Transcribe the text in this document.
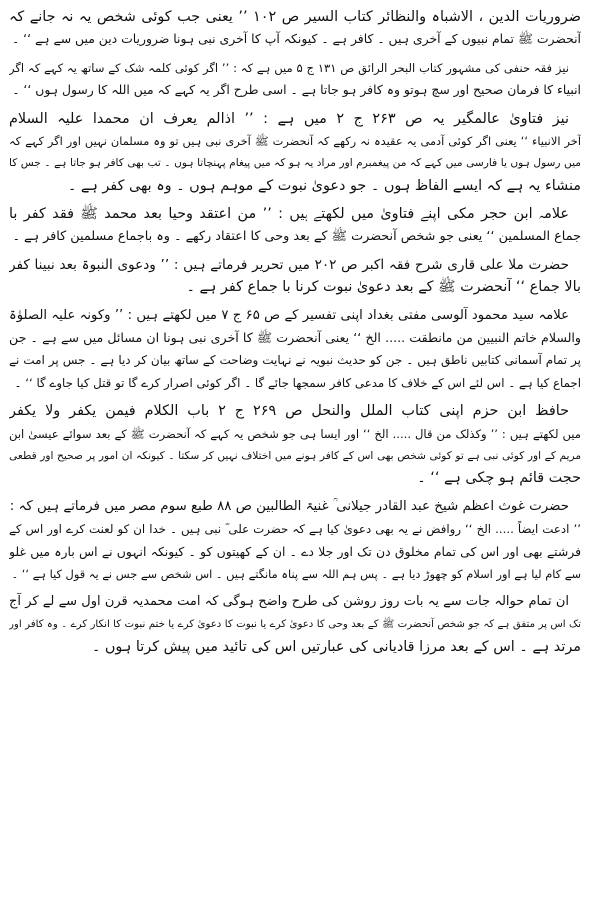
ضروریات الدین ، الاشباہ والنظائر کتاب السیر ص ۱۰۲ ’’ یعنی جب کوئی شخص یہ نہ جانے کہ
آنحضرت ﷺ تمام نبیوں کے آخری ہیں ۔ کافر ہے ۔ کیونکہ آپ کا آخری نبی ہونا ضروریات دین میں سے ہے ‘‘ ۔
نیز فقہ حنفی کی مشہور کتاب البحر الرائق ص ۱۳۱ ج ۵ میں ہے کہ : ’’ اگر کوئی کلمہ شک کے ساتھ یہ کہے کہ اگر
انبیاء کا فرمان صحیح اور سچ ہوتو وہ کافر ہو جاتا ہے ۔ اسی طرح اگر یہ کہے کہ میں اللہ کا رسول ہوں ‘‘ ۔
نیز فتاویٰ عالمگیر یہ ص ۲۶۳ ج ۲ میں ہے : ’’ اذالم یعرف ان محمدا علیہ السلام
آخر الانبیاء ‘‘ یعنی اگر کوئی آدمی یہ عقیدہ نہ رکھے کہ آنحضرت ﷺ آخری نبی ہیں تو وہ مسلمان نہیں اور اگر کہے کہ
میں رسول ہوں یا فارسی میں کہے کہ من پیغمبرم اور مراد یہ ہو کہ میں پیغام پہنچاتا ہوں ۔ تب بھی کافر ہو جاتا ہے ۔ جس کا
منشاء یہ ہے کہ ایسے الفاظ ہوں ۔ جو دعویٰ نبوت کے موہم ہوں ۔ وہ بھی کفر ہے ۔
علامہ ابن حجر مکی اپنے فتاویٰ میں لکھتے ہیں : ’’ من اعتقد وحیا بعد محمد ﷺ فقد کفر با
جماع المسلمین ‘‘ یعنی جو شخص آنحضرت ﷺ کے بعد وحی کا اعتقاد رکھے ۔ وہ باجماع مسلمین کافر ہے ۔
حضرت ملا علی قاری شرح فقہ اکبر ص ۲۰۲ میں تحریر فرماتے ہیں : ’’ ودعوی النبوۃ بعد نبینا کفر
بالا جماع ‘‘ آنحضرت ﷺ کے بعد دعویٰ نبوت کرنا با جماع کفر ہے ۔
علامہ سید محمود آلوسی مفتی بغداد اپنی تفسیر کے ص ۶۵ ج ۷ میں لکھتے ہیں : ’’ وکونہ علیہ الصلوٰۃ
والسلام خاتم النبیین من مانطقت ..... الخ ‘‘ یعنی آنحضرت ﷺ کا آخری نبی ہونا ان مسائل میں سے ہے ۔ جن
پر تمام آسمانی کتابیں ناطق ہیں ۔ جن کو حدیث نبویہ نے نہایت وضاحت کے ساتھ بیان کر دیا ہے ۔ جس پر امت نے
اجماع کیا ہے ۔ اس لئے اس کے خلاف کا مدعی کافر سمجھا جائے گا ۔ اگر کوئی اصرار کرے گا تو قتل کیا جاوے گا ‘‘ ۔
حافظ ابن حزم اپنی کتاب الملل والنحل ص ۲۶۹ ج ۲ باب الکلام فیمن یکفر ولا یکفر
میں لکھتے ہیں : ’’ وکذلک من قال ..... الخ ‘‘ اور ایسا ہی جو شخص یہ کہے کہ آنحضرت ﷺ کے بعد سوائے عیسیٰ ابن
مریم کے اور کوئی نبی ہے تو کوئی شخص بھی اس کے کافر ہونے میں اختلاف نہیں کر سکتا ۔ کیونکہ ان امور پر صحیح اور قطعی
حجت قائم ہو چکی ہے ‘‘ ۔
حضرت غوث اعظم شیخ عبد القادر جیلانی ؒ غنیۃ الطالبین ص ۸۸ طبع سوم مصر میں فرماتے ہیں کہ :
’’ ادعت ایضاً ..... الخ ‘‘ روافض نے یہ بھی دعویٰ کیا ہے کہ حضرت علی ؓ نبی ہیں ۔ خدا ان کو لعنت کرے اور اس کے
فرشتے بھی اور اس کی تمام مخلوق دن تک اور جلا دے ۔ ان کے کھیتوں کو ۔ کیونکہ انہوں نے اس بارہ میں غلو
سے کام لیا ہے اور اسلام کو چھوڑ دیا ہے ۔ پس ہم اللہ سے پناہ مانگتے ہیں ۔ اس شخص سے جس نے یہ قول کیا ہے ‘‘ ۔
ان تمام حوالہ جات سے یہ بات روز روشن کی طرح واضح ہوگی کہ امت محمدیہ قرن اول سے لے کر آج
تک اس پر متفق ہے کہ جو شخص آنحضرت ﷺ کے بعد وحی کا دعویٰ کرے یا نبوت کا دعویٰ کرے یا ختم نبوت کا انکار کرے ۔ وہ کافر اور
مرتد ہے ۔ اس کے بعد مرزا قادیانی کی عبارتیں اس کی تائید میں پیش کرتا ہوں ۔
